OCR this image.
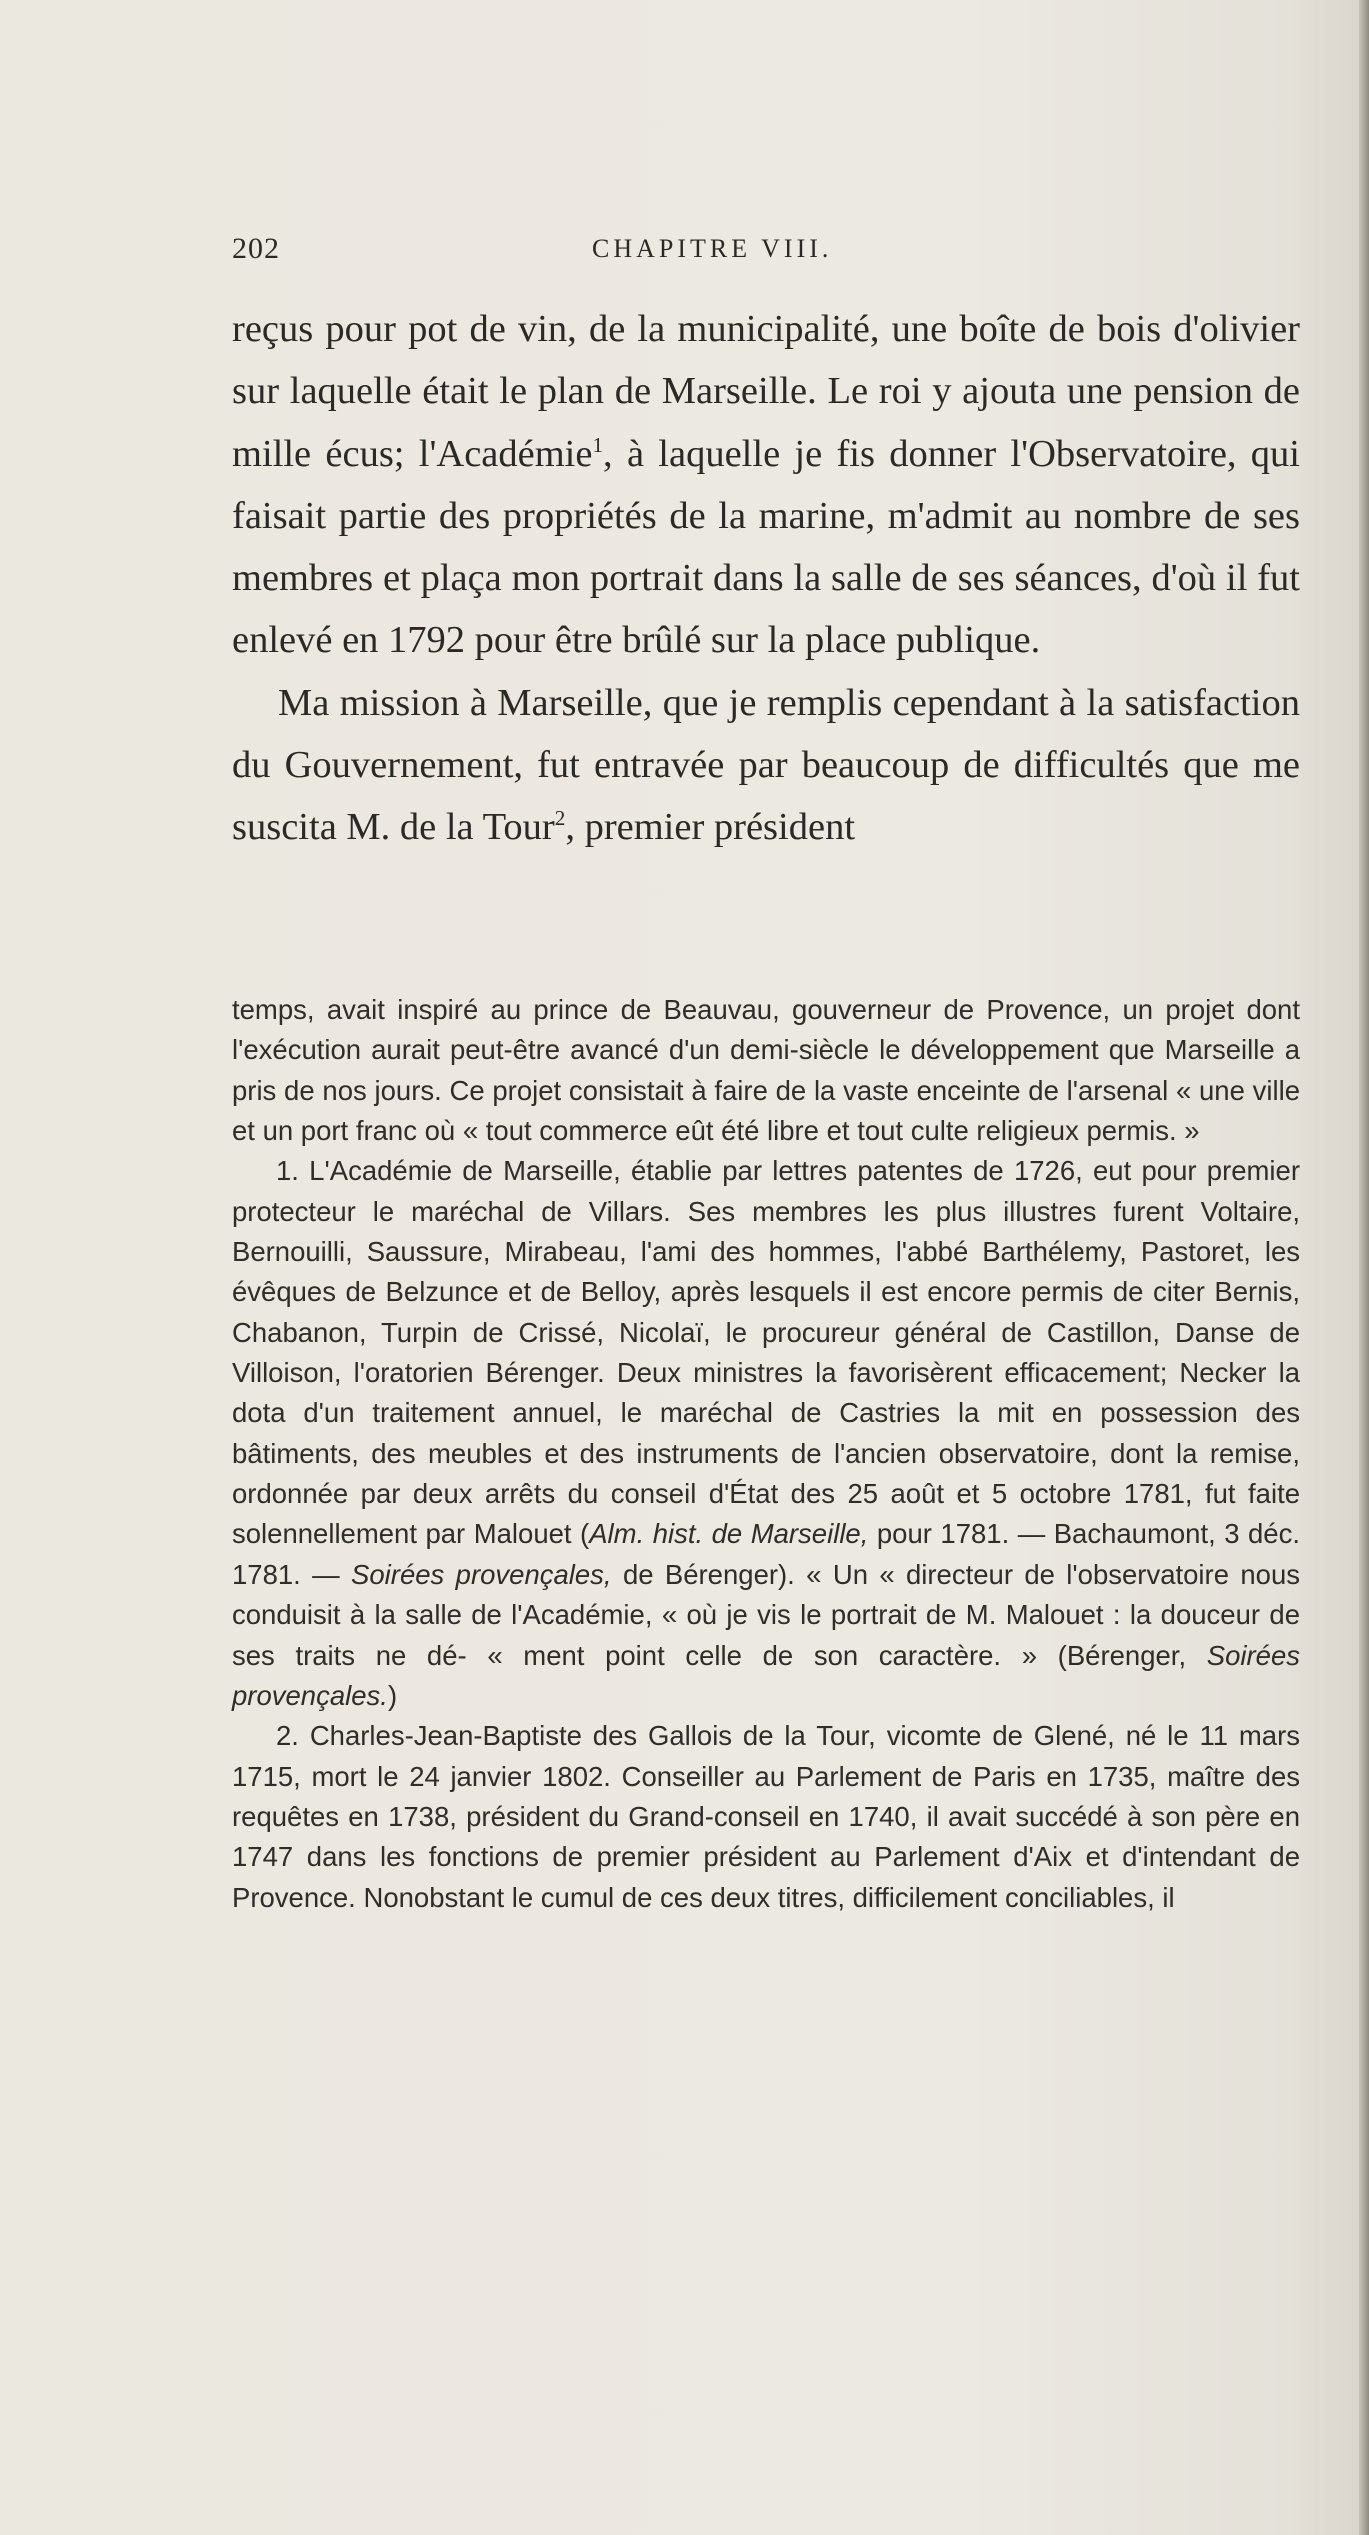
202	CHAPITRE VIII.

reçus pour pot de vin, de la municipalité, une boîte de bois d'olivier sur laquelle était le plan de Marseille. Le roi y ajouta une pension de mille écus; l'Académie$^1$, à laquelle je fis donner l'Observatoire, qui faisait partie des propriétés de la marine, m'admit au nombre de ses membres et plaça mon portrait dans la salle de ses séances, d'où il fut enlevé en 1792 pour être brûlé sur la place publique.

Ma mission à Marseille, que je remplis cependant à la satisfaction du Gouvernement, fut entravée par beaucoup de difficultés que me suscita M. de la Tour$^2$, premier président

temps, avait inspiré au prince de Beauvau, gouverneur de Provence, un projet dont l'exécution aurait peut-être avancé d'un demi-siècle le développement que Marseille a pris de nos jours. Ce projet consistait à faire de la vaste enceinte de l'arsenal « une ville et un port franc où « tout commerce eût été libre et tout culte religieux permis. »

1. L'Académie de Marseille, établie par lettres patentes de 1726, eut pour premier protecteur le maréchal de Villars. Ses membres les plus illustres furent Voltaire, Bernouilli, Saussure, Mirabeau, l'ami des hommes, l'abbé Barthélemy, Pastoret, les évêques de Belzunce et de Belloy, après lesquels il est encore permis de citer Bernis, Chabanon, Turpin de Crissé, Nicolaï, le procureur général de Castillon, Danse de Villoison, l'oratorien Bérenger. Deux ministres la favorisèrent efficacement; Necker la dota d'un traitement annuel, le maréchal de Castries la mit en possession des bâtiments, des meubles et des instruments de l'ancien observatoire, dont la remise, ordonnée par deux arrêts du conseil d'État des 25 août et 5 octobre 1781, fut faite solennellement par Malouet (Alm. hist. de Marseille, pour 1781. — Bachaumont, 3 déc. 1781. — Soirées provençales, de Bérenger). « Un « directeur de l'observatoire nous conduisit à la salle de l'Académie, « où je vis le portrait de M. Malouet : la douceur de ses traits ne dé- « ment point celle de son caractère. » (Bérenger, Soirées provençales.)

2. Charles-Jean-Baptiste des Gallois de la Tour, vicomte de Glené, né le 11 mars 1715, mort le 24 janvier 1802. Conseiller au Parlement de Paris en 1735, maître des requêtes en 1738, président du Grand-conseil en 1740, il avait succédé à son père en 1747 dans les fonctions de premier président au Parlement d'Aix et d'intendant de Provence. Nonobstant le cumul de ces deux titres, difficilement conciliables, il
